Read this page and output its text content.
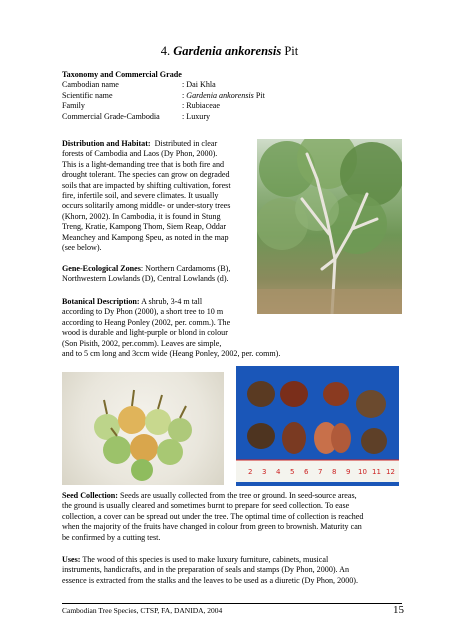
4. Gardenia ankorensis Pit
Taxonomy and Commercial Grade
Cambodian name	: Dai Khla
Scientific name	: Gardenia ankorensis Pit
Family	: Rubiaceae
Commercial Grade-Cambodia	: Luxury
Distribution and Habitat: Distributed in clear
forests of Cambodia and Laos (Dy Phon, 2000).
This is a light-demanding tree that is both fire and
drought tolerant. The species can grow on degraded
soils that are impacted by shifting cultivation, forest
fire, infertile soil, and severe climates. It usually
occurs solitarily among middle- or under-story trees
(Khorn, 2002). In Cambodia, it is found in Stung
Treng, Kratie, Kampong Thom, Siem Reap, Oddar
Meanchey and Kampong Speu, as noted in the map
(see below).
Gene-Ecological Zones: Northern Cardamoms (B),
Northwestern Lowlands (D), Central Lowlands (d).
Botanical Description: A shrub, 3-4 m tall
according to Dy Phon (2000), a short tree to 10 m
according to Heang Ponley (2002, per. comm.). The
wood is durable and light-purple or blond in colour
(Son Pisith, 2002, per.comm). Leaves are simple,
and to 5 cm long and 3ccm wide (Heang Ponley, 2002, per. comm).
2 3 4 5 6 7 8 9 10 11 12
Seed Collection: Seeds are usually collected from the tree or ground. In seed-source areas,
the ground is usually cleared and sometimes burnt to prepare for seed collection. To ease
collection, a cover can be spread out under the tree. The optimal time of collection is reached
when the majority of the fruits have changed in colour from green to brownish. Maturity can
be confirmed by a cutting test.
Uses: The wood of this species is used to make luxury furniture, cabinets, musical
instruments, handicrafts, and in the preparation of seals and stamps (Dy Phon, 2000). An
essence is extracted from the stalks and the leaves to be used as a diuretic (Dy Phon, 2000).
Cambodian Tree Species, CTSP, FA, DANIDA, 2004	15
